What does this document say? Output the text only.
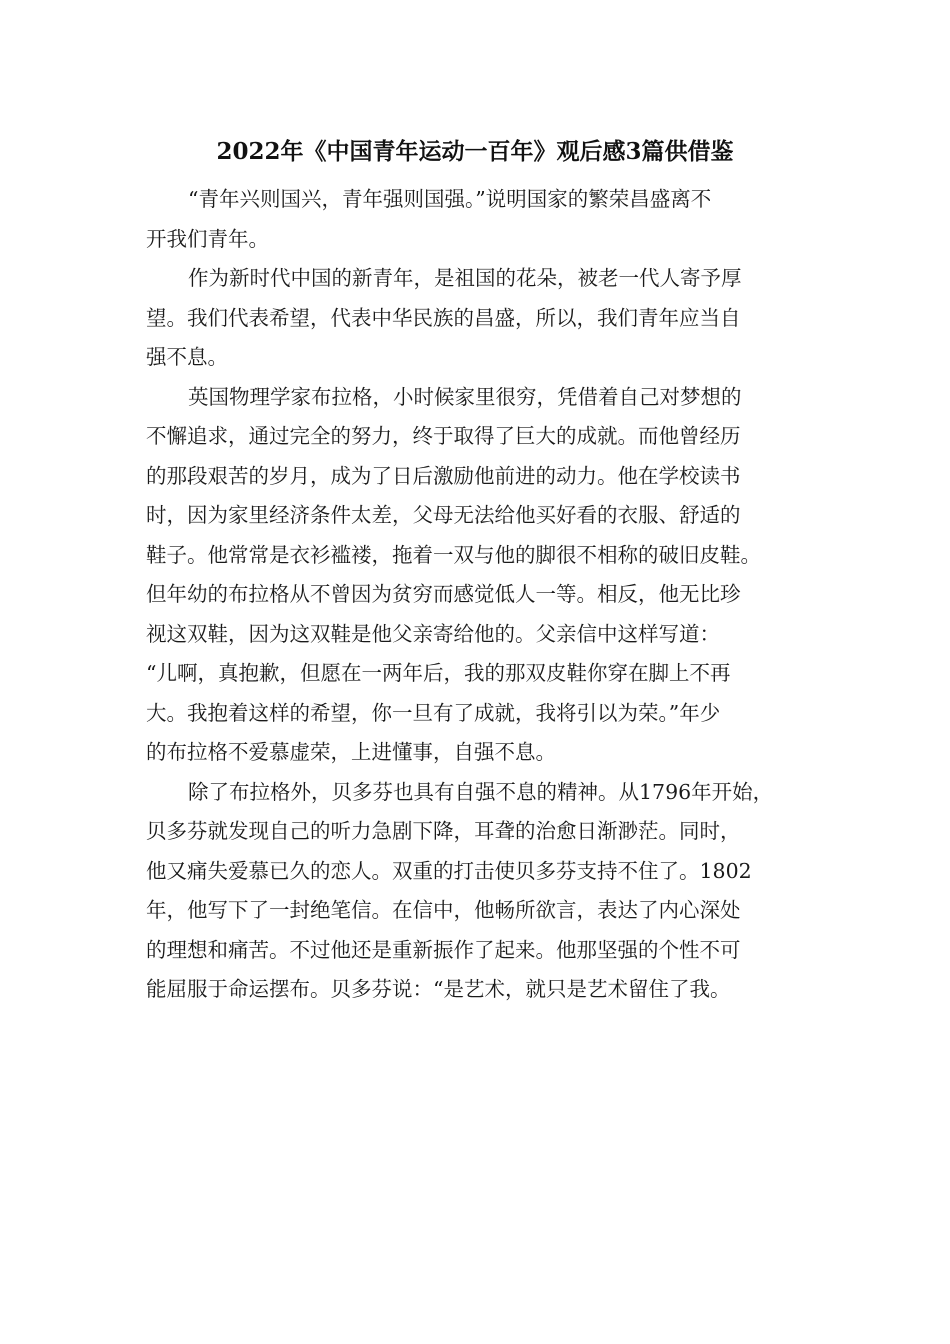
2022年《中国青年运动一百年》观后感3篇供借鉴
“青年兴则国兴，青年强则国强。”说明国家的繁荣昌盛离不
开我们青年。
作为新时代中国的新青年，是祖国的花朵，被老一代人寄予厚
望。我们代表希望，代表中华民族的昌盛，所以，我们青年应当自
强不息。
英国物理学家布拉格，小时候家里很穷，凭借着自己对梦想的
不懈追求，通过完全的努力，终于取得了巨大的成就。而他曾经历
的那段艰苦的岁月，成为了日后激励他前进的动力。他在学校读书
时，因为家里经济条件太差，父母无法给他买好看的衣服、舒适的
鞋子。他常常是衣衫褴褛，拖着一双与他的脚很不相称的破旧皮鞋。
但年幼的布拉格从不曾因为贫穷而感觉低人一等。相反，他无比珍
视这双鞋，因为这双鞋是他父亲寄给他的。父亲信中这样写道：
“儿啊，真抱歉，但愿在一两年后，我的那双皮鞋你穿在脚上不再
大。我抱着这样的希望，你一旦有了成就，我将引以为荣。”年少
的布拉格不爱慕虚荣，上进懂事，自强不息。
除了布拉格外，贝多芬也具有自强不息的精神。从1796年开始，
贝多芬就发现自己的听力急剧下降，耳聋的治愈日渐渺茫。同时，
他又痛失爱慕已久的恋人。双重的打击使贝多芬支持不住了。1802
年，他写下了一封绝笔信。在信中，他畅所欲言，表达了内心深处
的理想和痛苦。不过他还是重新振作了起来。他那坚强的个性不可
能屈服于命运摆布。贝多芬说：“是艺术，就只是艺术留住了我。
